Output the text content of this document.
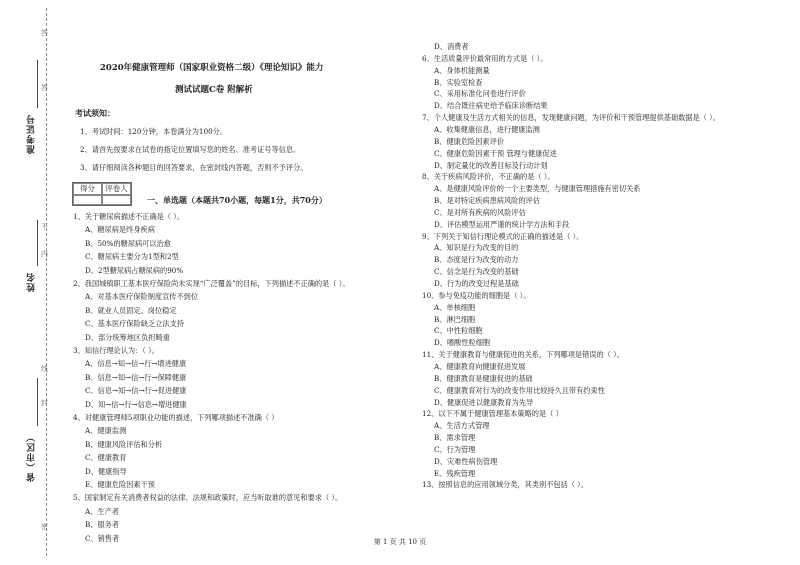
答
答
不
内
线
封
密
准考证号
姓名
省（市区）
2020年健康管理师（国家职业资格二级）《理论知识》能力
测试试题C卷 附解析
考试须知：
1、考试时间：120分钟，本卷满分为100分。
2、请首先按要求在试卷的指定位置填写您的姓名、准考证号等信息。
3、请仔细阅读各种题目的回答要求，在密封线内答题，否则不予评分。
得分	评卷人
一、单选题（本题共70小题，每题1分，共70分）
1、关于糖尿病描述不正确是（ ）。
A、糖尿病是终身疾病
B、50%的糖尿病可以治愈
C、糖尿病主要分为1型和2型
D、2型糖尿病占糖尿病的90%
2、我国城镇职工基本医疗保险尚未实现“广泛覆盖”的目标，下列描述不正确的是（ ）。
A、对基本医疗保险制度宣传不到位
B、就业人员固定、岗位稳定
C、基本医疗保险缺乏立法支持
D、部分统筹地区负担畸重
3、知信行理论认为：（ ）。
A、信息→知→信→行→增进健康
B、信息→知→信→行→保障健康
C、信息→知→信→行→促进健康
D、知→信→行→信息→增进健康
4、对健康管理师5项职业功能的描述，下列哪项描述不准确（ ）
A、健康监测
B、健康风险评估和分析
C、健康教育
D、健康指导
E、健康危险因素干预
5、国家制定有关消费者权益的法律、法规和政策时，应当听取谁的意见和要求（ ）。
A、生产者
B、服务者
C、销售者
D、消费者
6、生活质量评价最常用的方式是（ ）。
A、身体机能测量
B、实验室检查
C、采用标准化问卷进行评价
D、结合既往病史给予临床诊断结果
7、个人健康及生活方式相关的信息，发现健康问题，为评价和干预管理提供基础数据是（ ）。
A、收集健康信息，进行健康监测
B、健康危险因素评价
C、健康危险因素干预 管理与健康促进
D、制定量化的改善目标及行动计划
8、关于疾病风险评价，不正确的是（ ）。
A、是健康风险评价的一个主要类型，与健康管理措施有密切关系
B、是对特定疾病患病风险的评估
C、是对所有疾病的风险评估
D、评估模型运用严谨的统计学方法和手段
9、下列关于知信行理论模式的正确的描述是（ ）。
A、知识是行为改变的目的
B、态度是行为改变的动力
C、信念是行为改变的基础
D、行为的改变过程是基础
10、参与免疫功能的细胞是（ ）。
A、单核细胞
B、淋巴细胞
C、中性粒细胞
D、嗜酸性粒细胞
11、关于健康教育与健康促进的关系，下列哪项是错误的（ ）。
A、健康教育向健康促进发展
B、健康教育是健康促进的基础
C、健康教育对行为的改变作用比较持久且带有约束性
D、健康促进以健康教育为先导
12、以下不属于健康管理基本策略的是（ ）
A、生活方式管理
B、需求管理
C、行为管理
D、灾难性病伤管理
E、残疾管理
13、按照信息的应用领域分类，其类别不包括（ ）。
第 1 页 共 10 页
